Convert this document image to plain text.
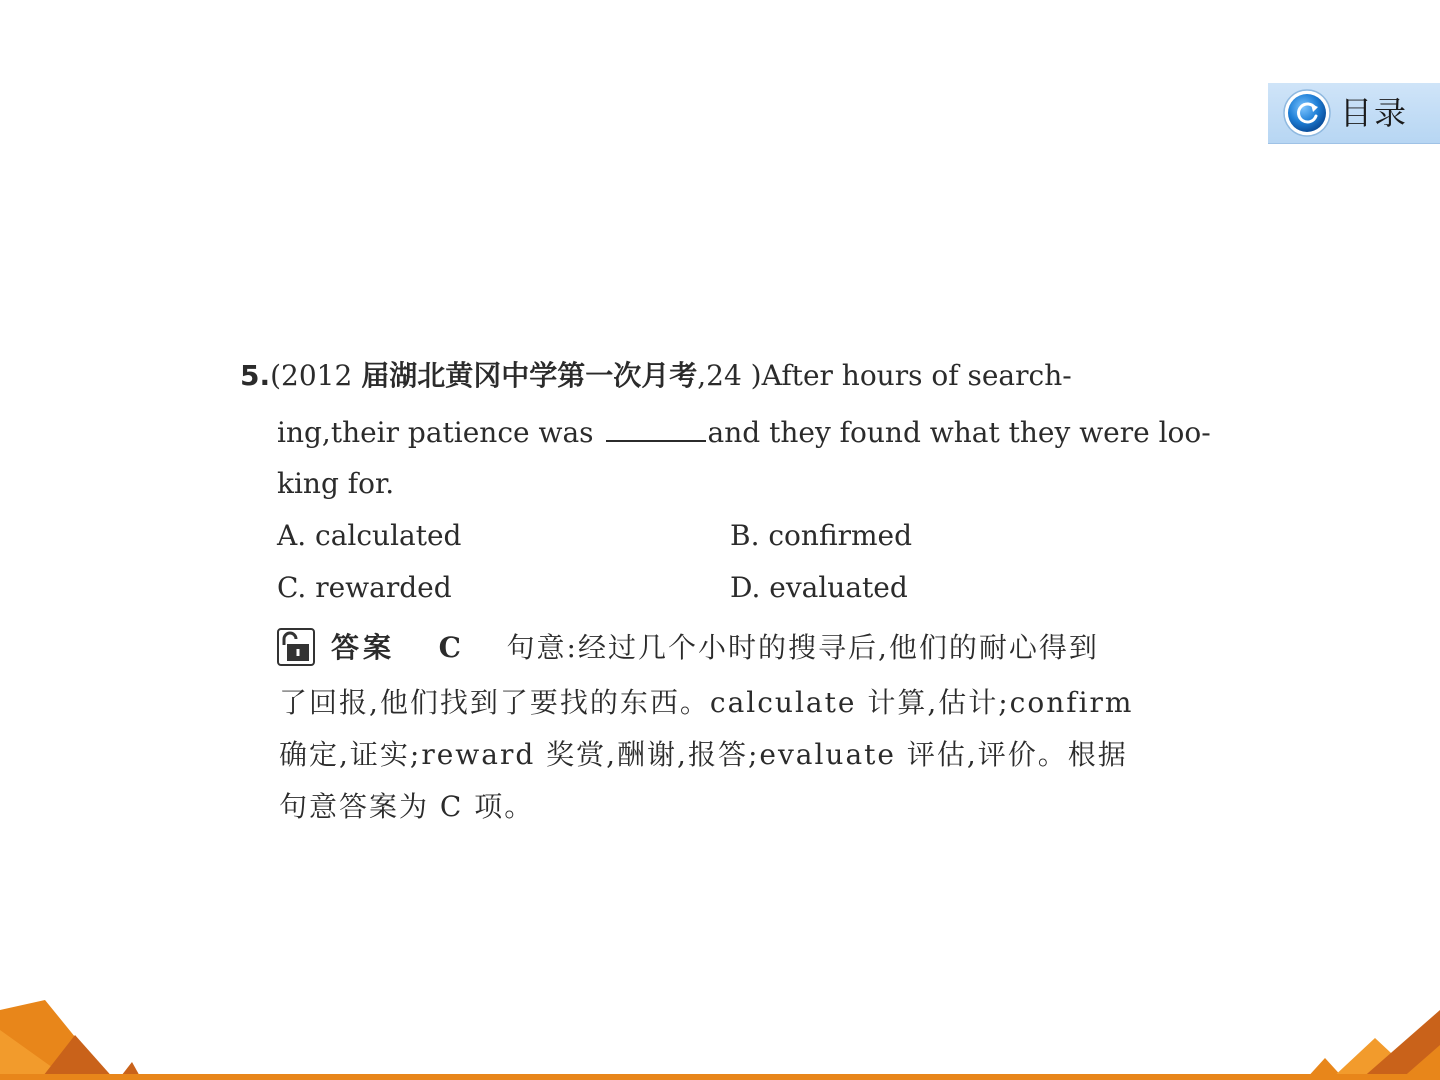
目录
5.(2012 届湖北黄冈中学第一次月考,24 )After hours of search-
ing,their patience was	and they found what they were loo-
king for.
A. calculated	B. confirmed
C. rewarded	D. evaluated
答案 C 句意:经过几个小时的搜寻后,他们的耐心得到
了回报,他们找到了要找的东西。calculate 计算,估计;confirm
确定,证实;reward 奖赏,酬谢,报答;evaluate 评估,评价。根据
句意答案为 C 项。
